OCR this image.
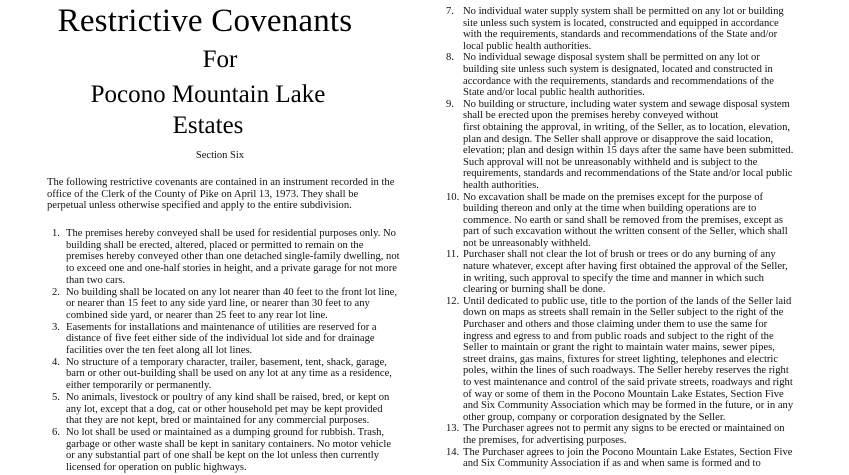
Restrictive Covenants
For
Pocono Mountain Lake
Estates
Section Six
The following restrictive covenants are contained in an instrument recorded in the
office of the Clerk of the County of Pike on April 13, 1973. They shall be
perpetual unless otherwise specified and apply to the entire subdivision.
1. The premises hereby conveyed shall be used for residential purposes only. No
building shall be erected, altered, placed or permitted to remain on the
premises hereby conveyed other than one detached single-family dwelling, not
to exceed one and one-half stories in height, and a private garage for not more
than two cars.
2. No building shall be located on any lot nearer than 40 feet to the front lot line,
or nearer than 15 feet to any side yard line, or nearer than 30 feet to any
combined side yard, or nearer than 25 feet to any rear lot line.
3. Easements for installations and maintenance of utilities are reserved for a
distance of five feet either side of the individual lot side and for drainage
facilities over the ten feet along all lot lines.
4. No structure of a temporary character, trailer, basement, tent, shack, garage,
barn or other out-building shall be used on any lot at any time as a residence,
either temporarily or permanently.
5. No animals, livestock or poultry of any kind shall be raised, bred, or kept on
any lot, except that a dog, cat or other household pet may be kept provided
that they are not kept, bred or maintained for any commercial purposes.
6. No lot shall be used or maintained as a dumping ground for rubbish. Trash,
garbage or other waste shall be kept in sanitary containers. No motor vehicle
or any substantial part of one shall be kept on the lot unless then currently
licensed for operation on public highways.
7. No individual water supply system shall be permitted on any lot or building
site unless such system is located, constructed and equipped in accordance
with the requirements, standards and recommendations of the State and/or
local public health authorities.
8. No individual sewage disposal system shall be permitted on any lot or
building site unless such system is designated, located and constructed in
accordance with the requirements, standards and recommendations of the
State and/or local public health authorities.
9. No building or structure, including water system and sewage disposal system
shall be erected upon the premises hereby conveyed without
first obtaining the approval, in writing, of the Seller, as to location, elevation,
plan and design. The Seller shall approve or disapprove the said location,
elevation; plan and design within 15 days after the same have been submitted.
Such approval will not be unreasonably withheld and is subject to the
requirements, standards and recommendations of the State and/or local public
health authorities.
10. No excavation shall be made on the premises except for the purpose of
building thereon and only at the time when building operations are to
commence. No earth or sand shall be removed from the premises, except as
part of such excavation without the written consent of the Seller, which shall
not be unreasonably withheld.
11. Purchaser shall not clear the lot of brush or trees or do any burning of any
nature whatever, except after having first obtained the approval of the Seller,
in writing, such approval to specify the time and manner in which such
clearing or burning shall be done.
12. Until dedicated to public use, title to the portion of the lands of the Seller laid
down on maps as streets shall remain in the Seller subject to the right of the
Purchaser and others and those claiming under them to use the same for
ingress and egress to and from public roads and subject to the right of the
Seller to maintain or grant the right to maintain water mains, sewer pipes,
street drains, gas mains, fixtures for street lighting, telephones and electric
poles, within the lines of such roadways. The Seller hereby reserves the right
to vest maintenance and control of the said private streets, roadways and right
of way or some of them in the Pocono Mountain Lake Estates, Section Five
and Six Community Association which may be formed in the future, or in any
other group, company or corporation designated by the Seller.
13. The Purchaser agrees not to permit any signs to be erected or maintained on
the premises, for advertising purposes.
14. The Purchaser agrees to join the Pocono Mountain Lake Estates, Section Five
and Six Community Association if as and when same is formed and to
